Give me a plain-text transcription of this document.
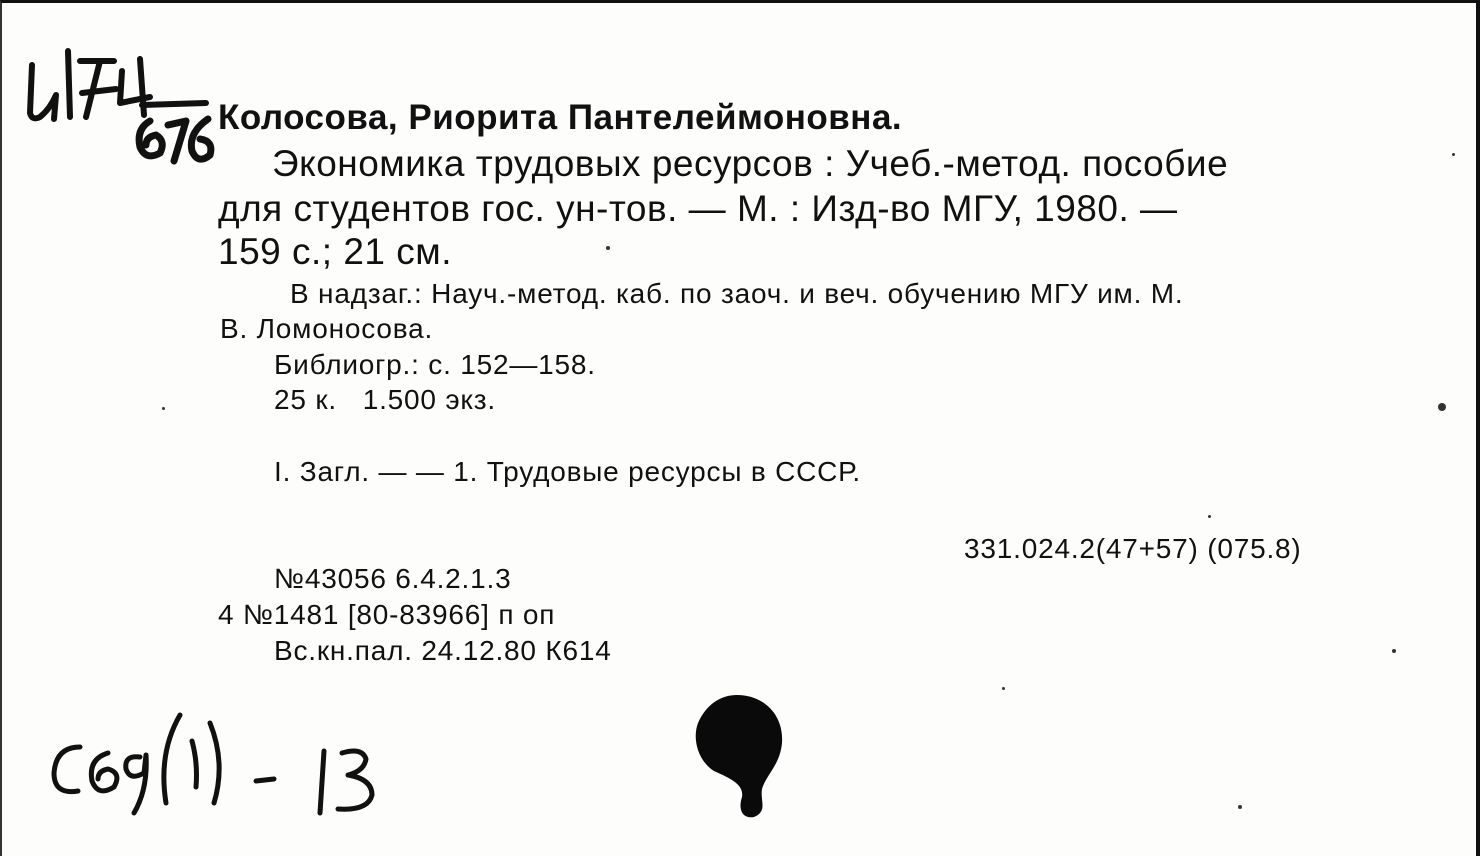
Колосова, Риорита Пантелеймоновна.
Экономика трудовых ресурсов : Учеб.-метод. пособие
для студентов гос. ун-тов. — М. : Изд-во МГУ, 1980. —
159 с.; 21 см.
В надзаг.: Науч.-метод. каб. по заоч. и веч. обучению МГУ им. М.
В. Ломоносова.
Библиогр.: с. 152—158.
25 к.   1.500 экз.
I. Загл. — — 1. Трудовые ресурсы в СССР.
331.024.2(47+57) (075.8)
№43056 6.4.2.1.3
4 №1481 [80-83966] п оп
Вс.кн.пал. 24.12.80 К614
